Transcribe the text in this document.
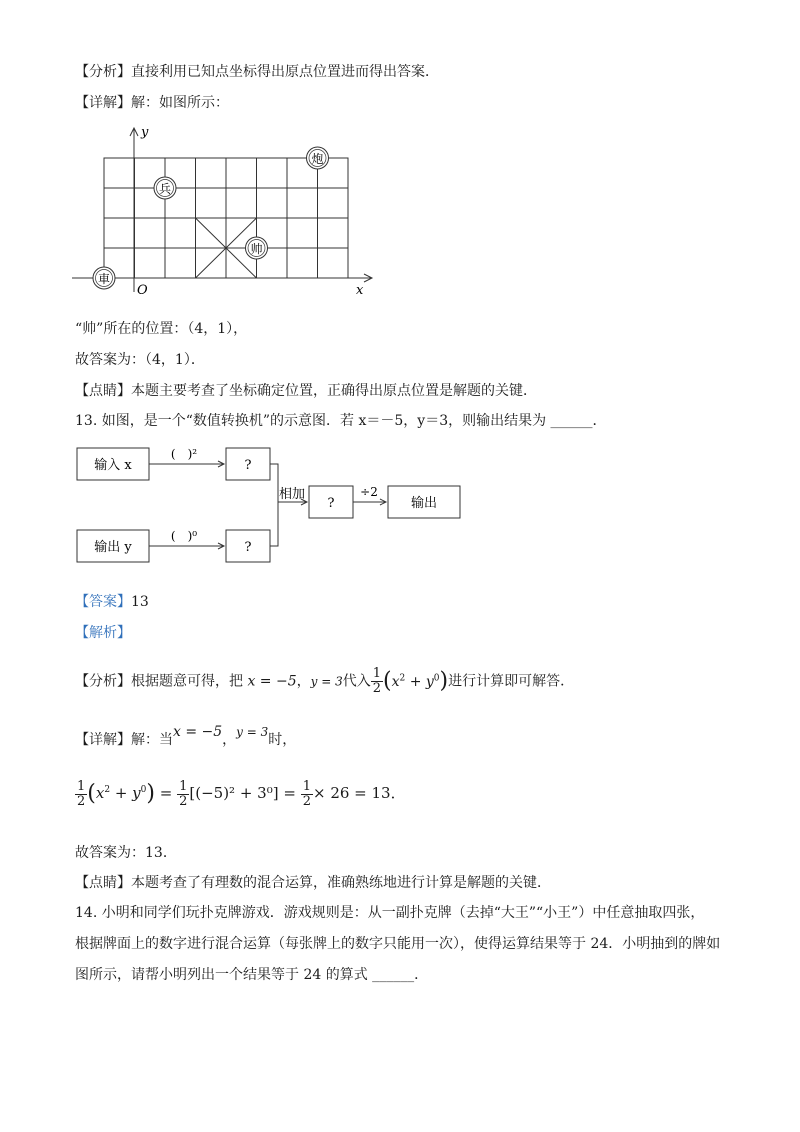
【分析】直接利用已知点坐标得出原点位置进而得出答案．
【详解】解：如图所示：
y
x
O
炮
兵
帅
車
“帅”所在的位置：（4，1），
故答案为：（4，1）．
【点睛】本题主要考查了坐标确定位置，正确得出原点位置是解题的关键．
13. 如图，是一个“数值转换机”的示意图．若 x＝－5，y＝3，则输出结果为 ______．
输入 x
输出 y
(　)²
(　)⁰
?
?
?
相加	÷2
输出
【答案】13
【解析】
【分析】根据题意可得，把 x = −5，y = 3代入 $\frac{1}{2} (x^2 + y^0)$进行计算即可解答．
【详解】解：当x = −5，y = 3时，
$\frac{1}{2} (x^2 + y^0) = \frac{1}{2} [(-5)^2 + 3^0] = \frac{1}{2} \times 26 = 13$．
故答案为：13．
【点睛】本题考查了有理数的混合运算，准确熟练地进行计算是解题的关键．
14. 小明和同学们玩扑克牌游戏．游戏规则是：从一副扑克牌（去掉“大王”“小王”）中任意抽取四张，
根据牌面上的数字进行混合运算（每张牌上的数字只能用一次），使得运算结果等于 24．小明抽到的牌如
图所示，请帮小明列出一个结果等于 24 的算式 ______．
